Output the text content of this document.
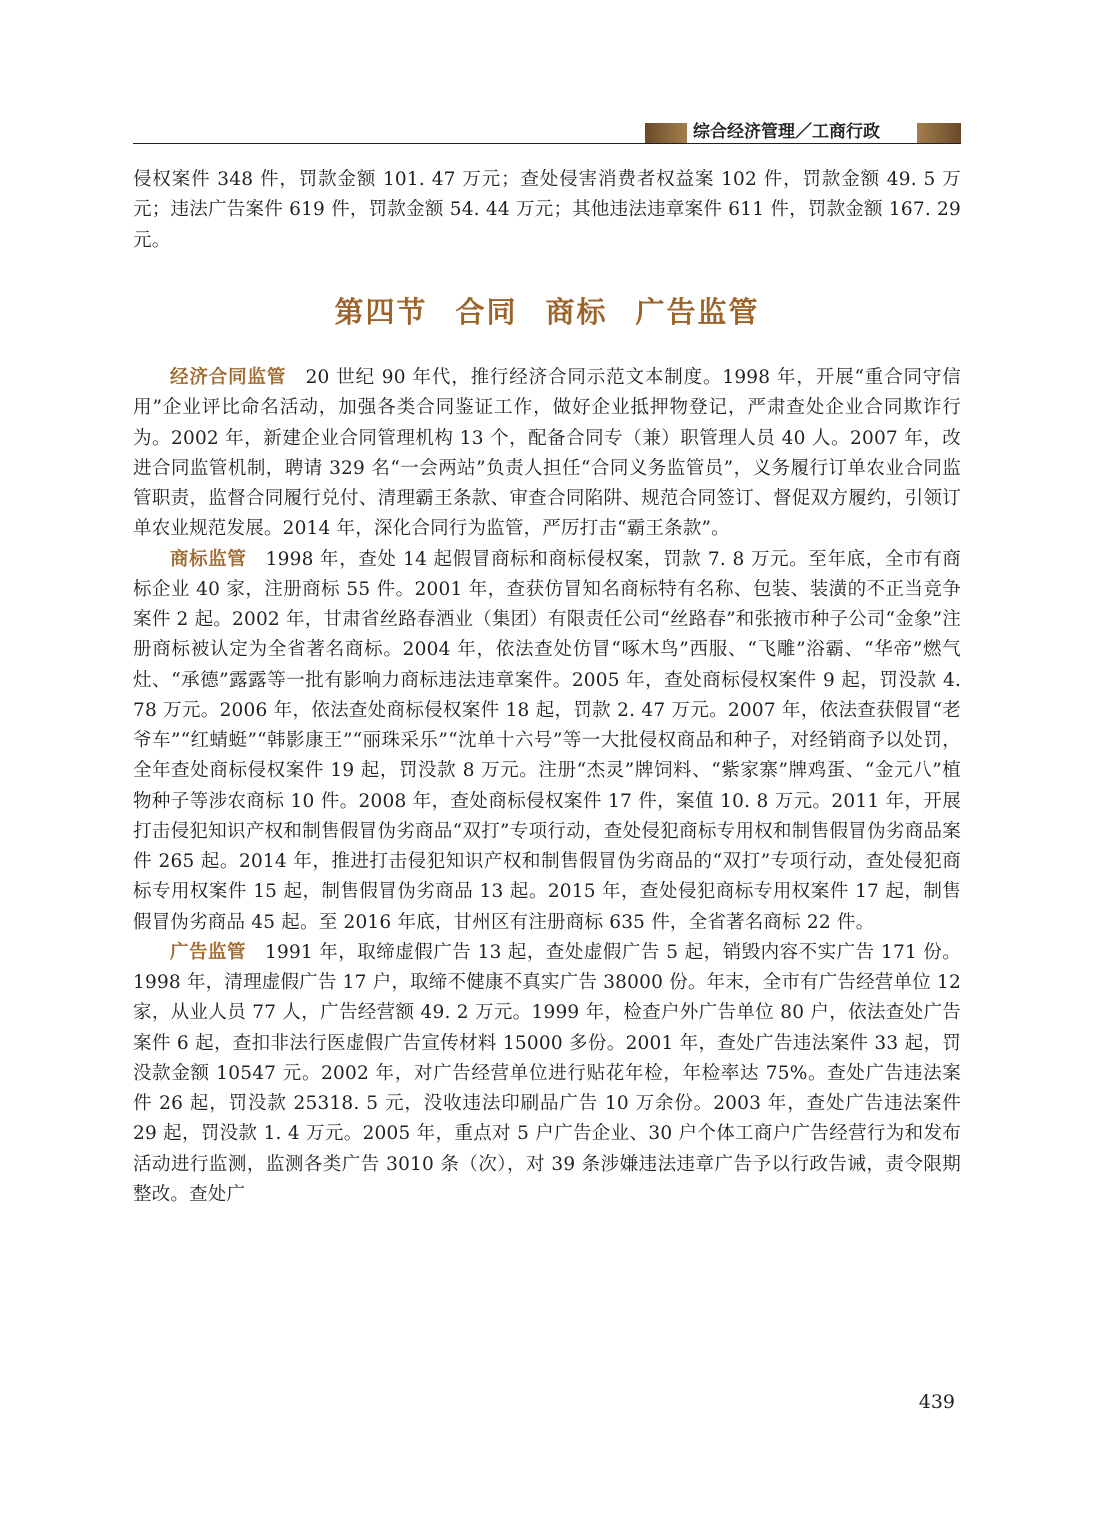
综合经济管理／工商行政

侵权案件 348 件，罚款金额 101. 47 万元；查处侵害消费者权益案 102 件，罚款金额 49. 5 万元；违法广告案件 619 件，罚款金额 54. 44 万元；其他违法违章案件 611 件，罚款金额 167. 29 元。

第四节 合同 商标 广告监管

经济合同监管　20 世纪 90 年代，推行经济合同示范文本制度。1998 年，开展“重合同守信用”企业评比命名活动，加强各类合同鉴证工作，做好企业抵押物登记，严肃查处企业合同欺诈行为。2002 年，新建企业合同管理机构 13 个，配备合同专（兼）职管理人员 40 人。2007 年，改进合同监管机制，聘请 329 名“一会两站”负责人担任“合同义务监管员”，义务履行订单农业合同监管职责，监督合同履行兑付、清理霸王条款、审查合同陷阱、规范合同签订、督促双方履约，引领订单农业规范发展。2014 年，深化合同行为监管，严厉打击“霸王条款”。

商标监管　1998 年，查处 14 起假冒商标和商标侵权案，罚款 7. 8 万元。至年底，全市有商标企业 40 家，注册商标 55 件。2001 年，查获仿冒知名商标特有名称、包装、装潢的不正当竞争案件 2 起。2002 年，甘肃省丝路春酒业（集团）有限责任公司“丝路春”和张掖市种子公司“金象”注册商标被认定为全省著名商标。2004 年，依法查处仿冒“啄木鸟”西服、“飞雕”浴霸、“华帝”燃气灶、“承德”露露等一批有影响力商标违法违章案件。2005 年，查处商标侵权案件 9 起，罚没款 4. 78 万元。2006 年，依法查处商标侵权案件 18 起，罚款 2. 47 万元。2007 年，依法查获假冒“老爷车”“红蜻蜓”“韩影康王”“丽珠采乐”“沈单十六号”等一大批侵权商品和种子，对经销商予以处罚，全年查处商标侵权案件 19 起，罚没款 8 万元。注册“杰灵”牌饲料、“紫家寨”牌鸡蛋、“金元八”植物种子等涉农商标 10 件。2008 年，查处商标侵权案件 17 件，案值 10. 8 万元。2011 年，开展打击侵犯知识产权和制售假冒伪劣商品“双打”专项行动，查处侵犯商标专用权和制售假冒伪劣商品案件 265 起。2014 年，推进打击侵犯知识产权和制售假冒伪劣商品的“双打”专项行动，查处侵犯商标专用权案件 15 起，制售假冒伪劣商品 13 起。2015 年，查处侵犯商标专用权案件 17 起，制售假冒伪劣商品 45 起。至 2016 年底，甘州区有注册商标 635 件，全省著名商标 22 件。

广告监管　1991 年，取缔虚假广告 13 起，查处虚假广告 5 起，销毁内容不实广告 171 份。1998 年，清理虚假广告 17 户，取缔不健康不真实广告 38000 份。年末，全市有广告经营单位 12 家，从业人员 77 人，广告经营额 49. 2 万元。1999 年，检查户外广告单位 80 户，依法查处广告案件 6 起，查扣非法行医虚假广告宣传材料 15000 多份。2001 年，查处广告违法案件 33 起，罚没款金额 10547 元。2002 年，对广告经营单位进行贴花年检，年检率达 75%。查处广告违法案件 26 起，罚没款 25318. 5 元，没收违法印刷品广告 10 万余份。2003 年，查处广告违法案件 29 起，罚没款 1. 4 万元。2005 年，重点对 5 户广告企业、30 户个体工商户广告经营行为和发布活动进行监测，监测各类广告 3010 条（次），对 39 条涉嫌违法违章广告予以行政告诫，责令限期整改。查处广

439
